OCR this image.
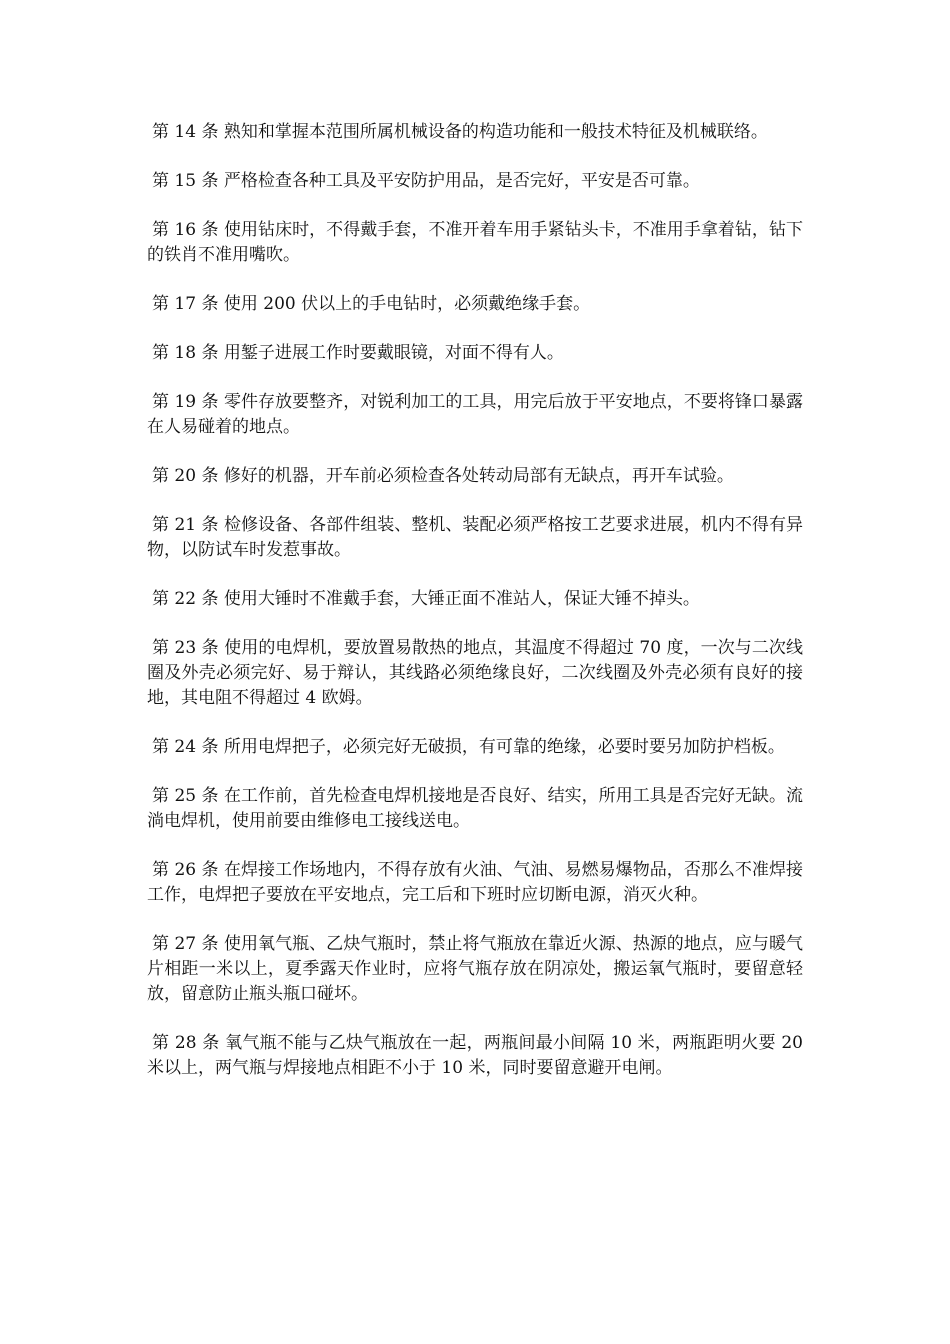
第 14 条 熟知和掌握本范围所属机械设备的构造功能和一般技术特征及机械联络。

第 15 条 严格检查各种工具及平安防护用品，是否完好，平安是否可靠。

第 16 条 使用钻床时，不得戴手套，不准开着车用手紧钻头卡，不准用手拿着钻，钻下的铁肖不准用嘴吹。

第 17 条 使用 200 伏以上的手电钻时，必须戴绝缘手套。

第 18 条 用錾子进展工作时要戴眼镜，对面不得有人。

第 19 条 零件存放要整齐，对锐利加工的工具，用完后放于平安地点，不要将锋口暴露在人易碰着的地点。

第 20 条 修好的机器，开车前必须检查各处转动局部有无缺点，再开车试验。

第 21 条 检修设备、各部件组装、整机、装配必须严格按工艺要求进展，机内不得有异物，以防试车时发惹事故。

第 22 条 使用大锤时不准戴手套，大锤正面不准站人，保证大锤不掉头。

第 23 条 使用的电焊机，要放置易散热的地点，其温度不得超过 70 度，一次与二次线圈及外壳必须完好、易于辩认，其线路必须绝缘良好，二次线圈及外壳必须有良好的接地，其电阻不得超过 4 欧姆。

第 24 条 所用电焊把子，必须完好无破损，有可靠的绝缘，必要时要另加防护档板。

第 25 条 在工作前，首先检查电焊机接地是否良好、结实，所用工具是否完好无缺。流淌电焊机，使用前要由维修电工接线送电。

第 26 条 在焊接工作场地内，不得存放有火油、气油、易燃易爆物品，否那么不准焊接工作，电焊把子要放在平安地点，完工后和下班时应切断电源，消灭火种。

第 27 条 使用氧气瓶、乙炔气瓶时，禁止将气瓶放在靠近火源、热源的地点，应与暖气片相距一米以上，夏季露天作业时，应将气瓶存放在阴凉处，搬运氧气瓶时，要留意轻放，留意防止瓶头瓶口碰坏。

第 28 条 氧气瓶不能与乙炔气瓶放在一起，两瓶间最小间隔 10 米，两瓶距明火要 20 米以上，两气瓶与焊接地点相距不小于 10 米，同时要留意避开电闸。
